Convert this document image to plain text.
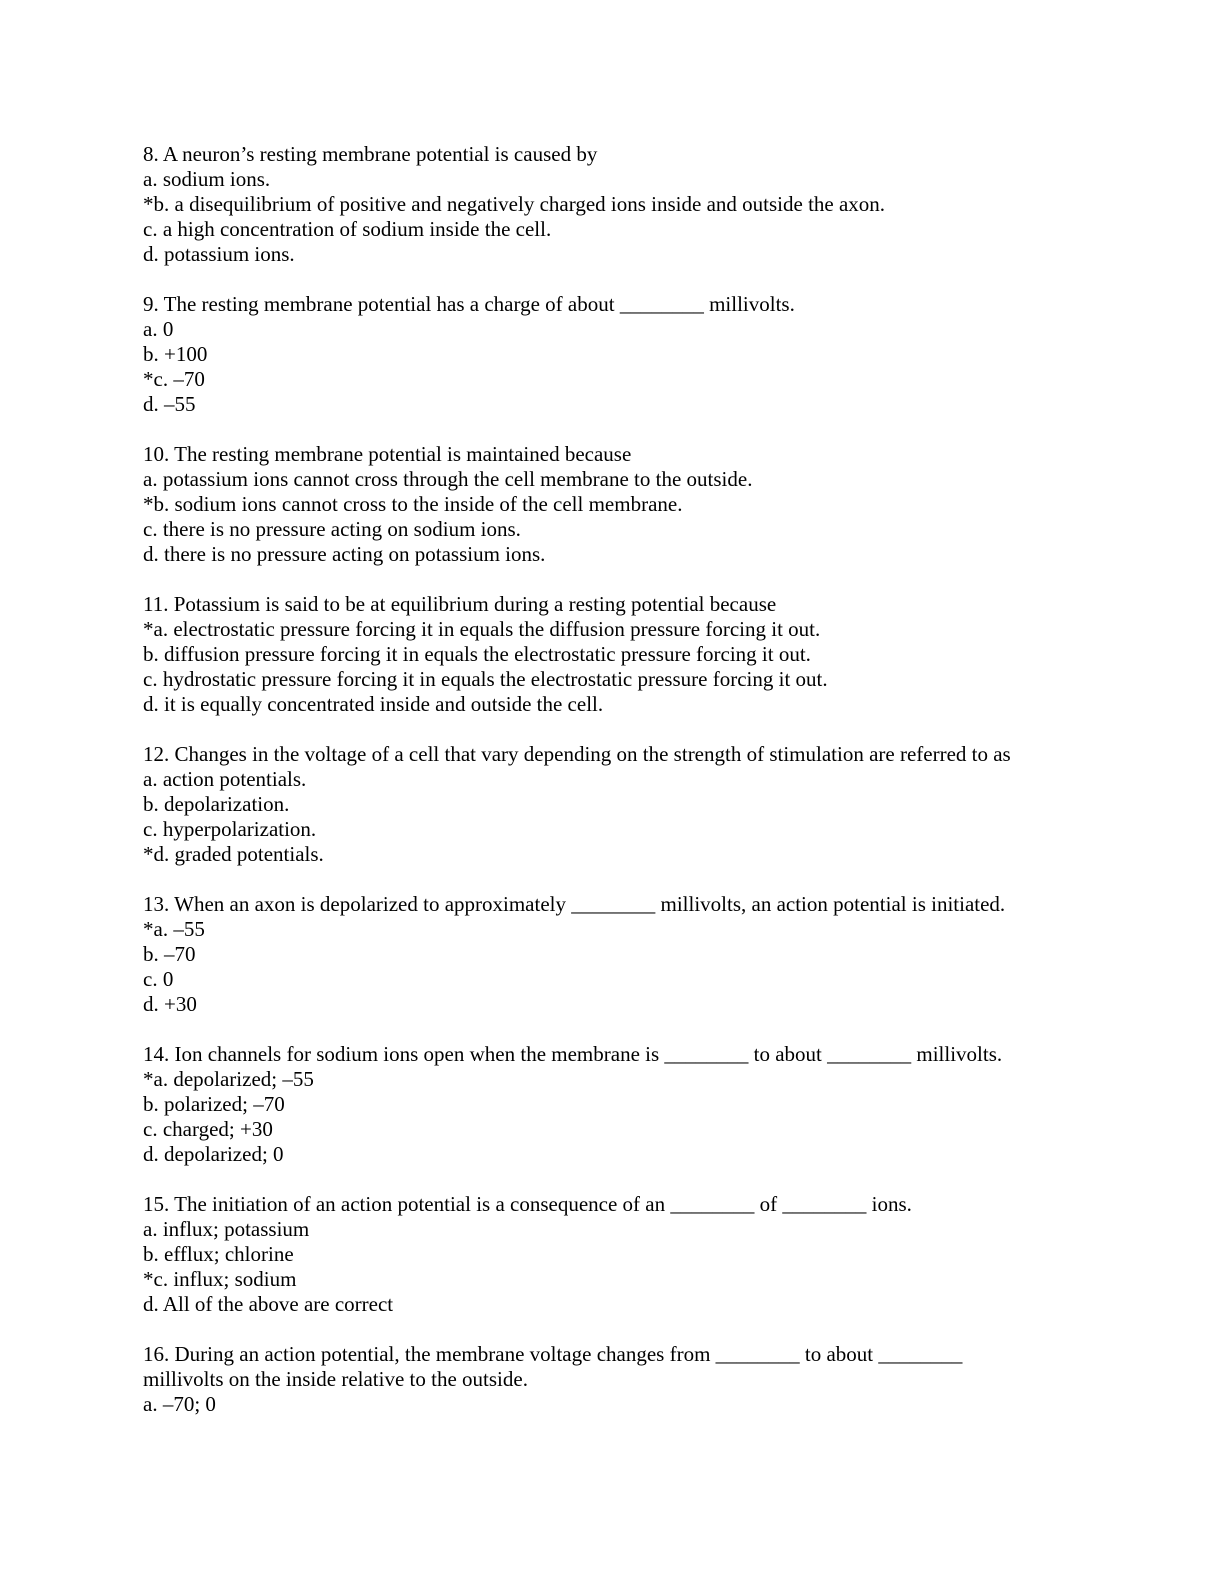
8. A neuron’s resting membrane potential is caused by
a. sodium ions.
*b. a disequilibrium of positive and negatively charged ions inside and outside the axon.
c. a high concentration of sodium inside the cell.
d. potassium ions.
9. The resting membrane potential has a charge of about ________ millivolts.
a. 0
b. +100
*c. –70
d. –55
10. The resting membrane potential is maintained because
a. potassium ions cannot cross through the cell membrane to the outside.
*b. sodium ions cannot cross to the inside of the cell membrane.
c. there is no pressure acting on sodium ions.
d. there is no pressure acting on potassium ions.
11. Potassium is said to be at equilibrium during a resting potential because
*a. electrostatic pressure forcing it in equals the diffusion pressure forcing it out.
b. diffusion pressure forcing it in equals the electrostatic pressure forcing it out.
c. hydrostatic pressure forcing it in equals the electrostatic pressure forcing it out.
d. it is equally concentrated inside and outside the cell.
12. Changes in the voltage of a cell that vary depending on the strength of stimulation are referred to as
a. action potentials.
b. depolarization.
c. hyperpolarization.
*d. graded potentials.
13. When an axon is depolarized to approximately ________ millivolts, an action potential is initiated.
*a. –55
b. –70
c. 0
d. +30
14. Ion channels for sodium ions open when the membrane is ________ to about ________ millivolts.
*a. depolarized; –55
b. polarized; –70
c. charged; +30
d. depolarized; 0
15. The initiation of an action potential is a consequence of an ________ of ________ ions.
a. influx; potassium
b. efflux; chlorine
*c. influx; sodium
d. All of the above are correct
16. During an action potential, the membrane voltage changes from ________ to about ________
millivolts on the inside relative to the outside.
a. –70; 0
